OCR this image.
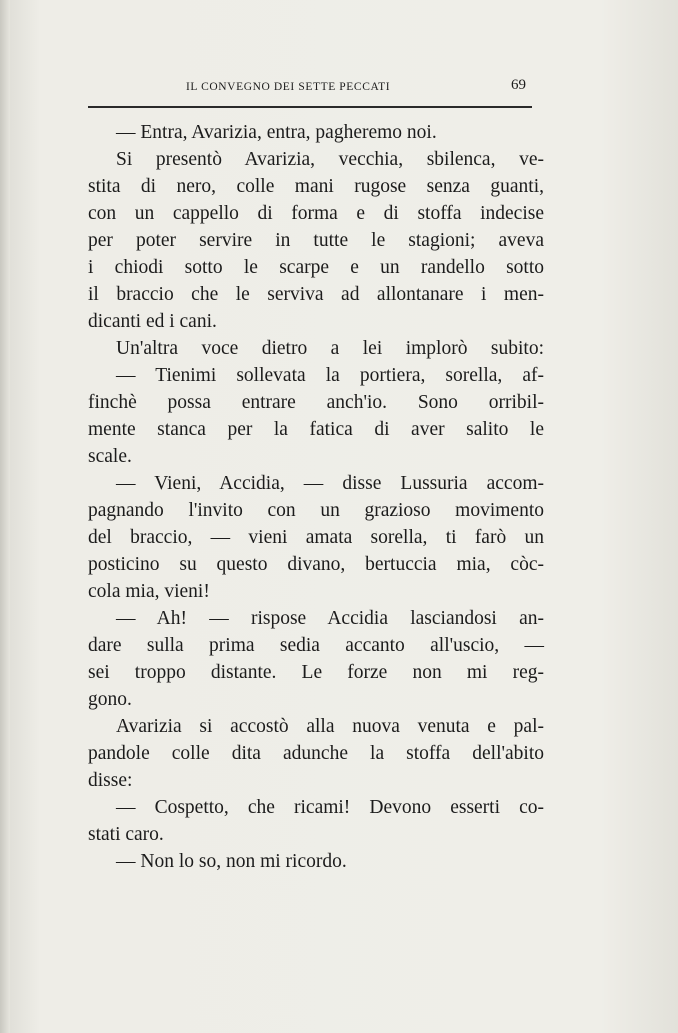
IL CONVEGNO DEI SETTE PECCATI	69
— Entra, Avarizia, entra, pagheremo noi.
Si presentò Avarizia, vecchia, sbilenca, ve-
stita di nero, colle mani rugose senza guanti,
con un cappello di forma e di stoffa indecise
per poter servire in tutte le stagioni; aveva
i chiodi sotto le scarpe e un randello sotto
il braccio che le serviva ad allontanare i men-
dicanti ed i cani.
Un'altra voce dietro a lei implorò subito:
— Tienimi sollevata la portiera, sorella, af-
finchè possa entrare anch'io. Sono orribil-
mente stanca per la fatica di aver salito le
scale.
— Vieni, Accidia, — disse Lussuria accom-
pagnando l'invito con un grazioso movimento
del braccio, — vieni amata sorella, ti farò un
posticino su questo divano, bertuccia mia, còc-
cola mia, vieni!
— Ah! — rispose Accidia lasciandosi an-
dare sulla prima sedia accanto all'uscio, —
sei troppo distante. Le forze non mi reg-
gono.
Avarizia si accostò alla nuova venuta e pal-
pandole colle dita adunche la stoffa dell'abito
disse:
— Cospetto, che ricami! Devono esserti co-
stati caro.
— Non lo so, non mi ricordo.
